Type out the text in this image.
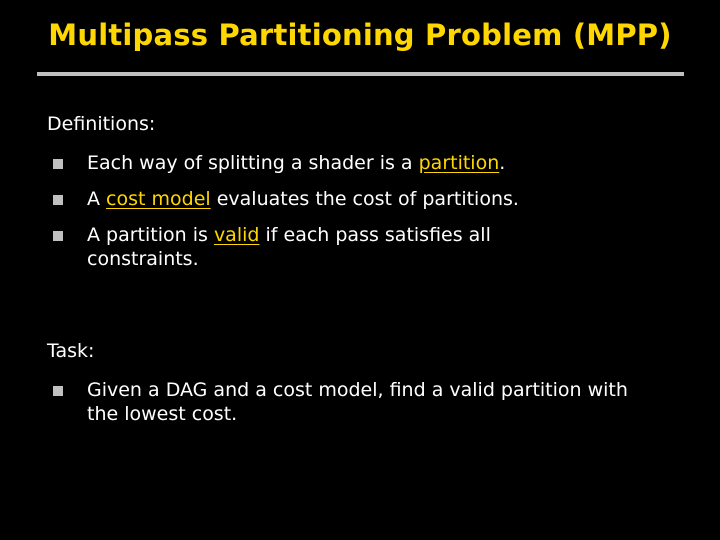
Multipass Partitioning Problem (MPP)
Definitions:
Each way of splitting a shader is a partition.
A cost model evaluates the cost of partitions.
A partition is valid if each pass satisfies all constraints.
Task:
Given a DAG and a cost model, find a valid partition with the lowest cost.
